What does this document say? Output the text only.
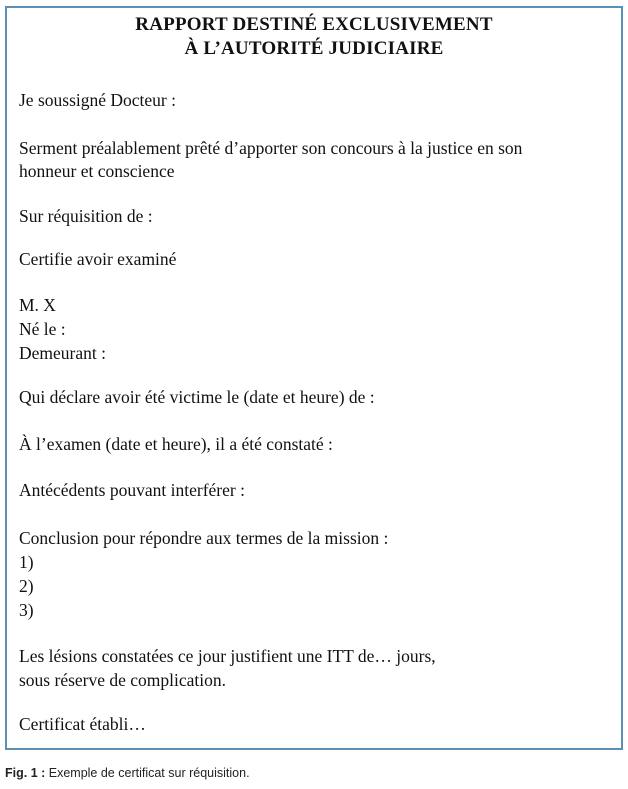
RAPPORT DESTINÉ EXCLUSIVEMENT
À L’AUTORITÉ JUDICIAIRE

Je soussigné Docteur :

Serment préalablement prêté d’apporter son concours à la justice en son

honneur et conscience

Sur réquisition de :

Certifie avoir examiné

M. X

Né le :

Demeurant :

Qui déclare avoir été victime le (date et heure) de :

À l’examen (date et heure), il a été constaté :

Antécédents pouvant interférer :

Conclusion pour répondre aux termes de la mission :

1)

2)

3)

Les lésions constatées ce jour justifient une ITT de… jours,

sous réserve de complication.

Certificat établi…

Fig. 1 : Exemple de certificat sur réquisition.
